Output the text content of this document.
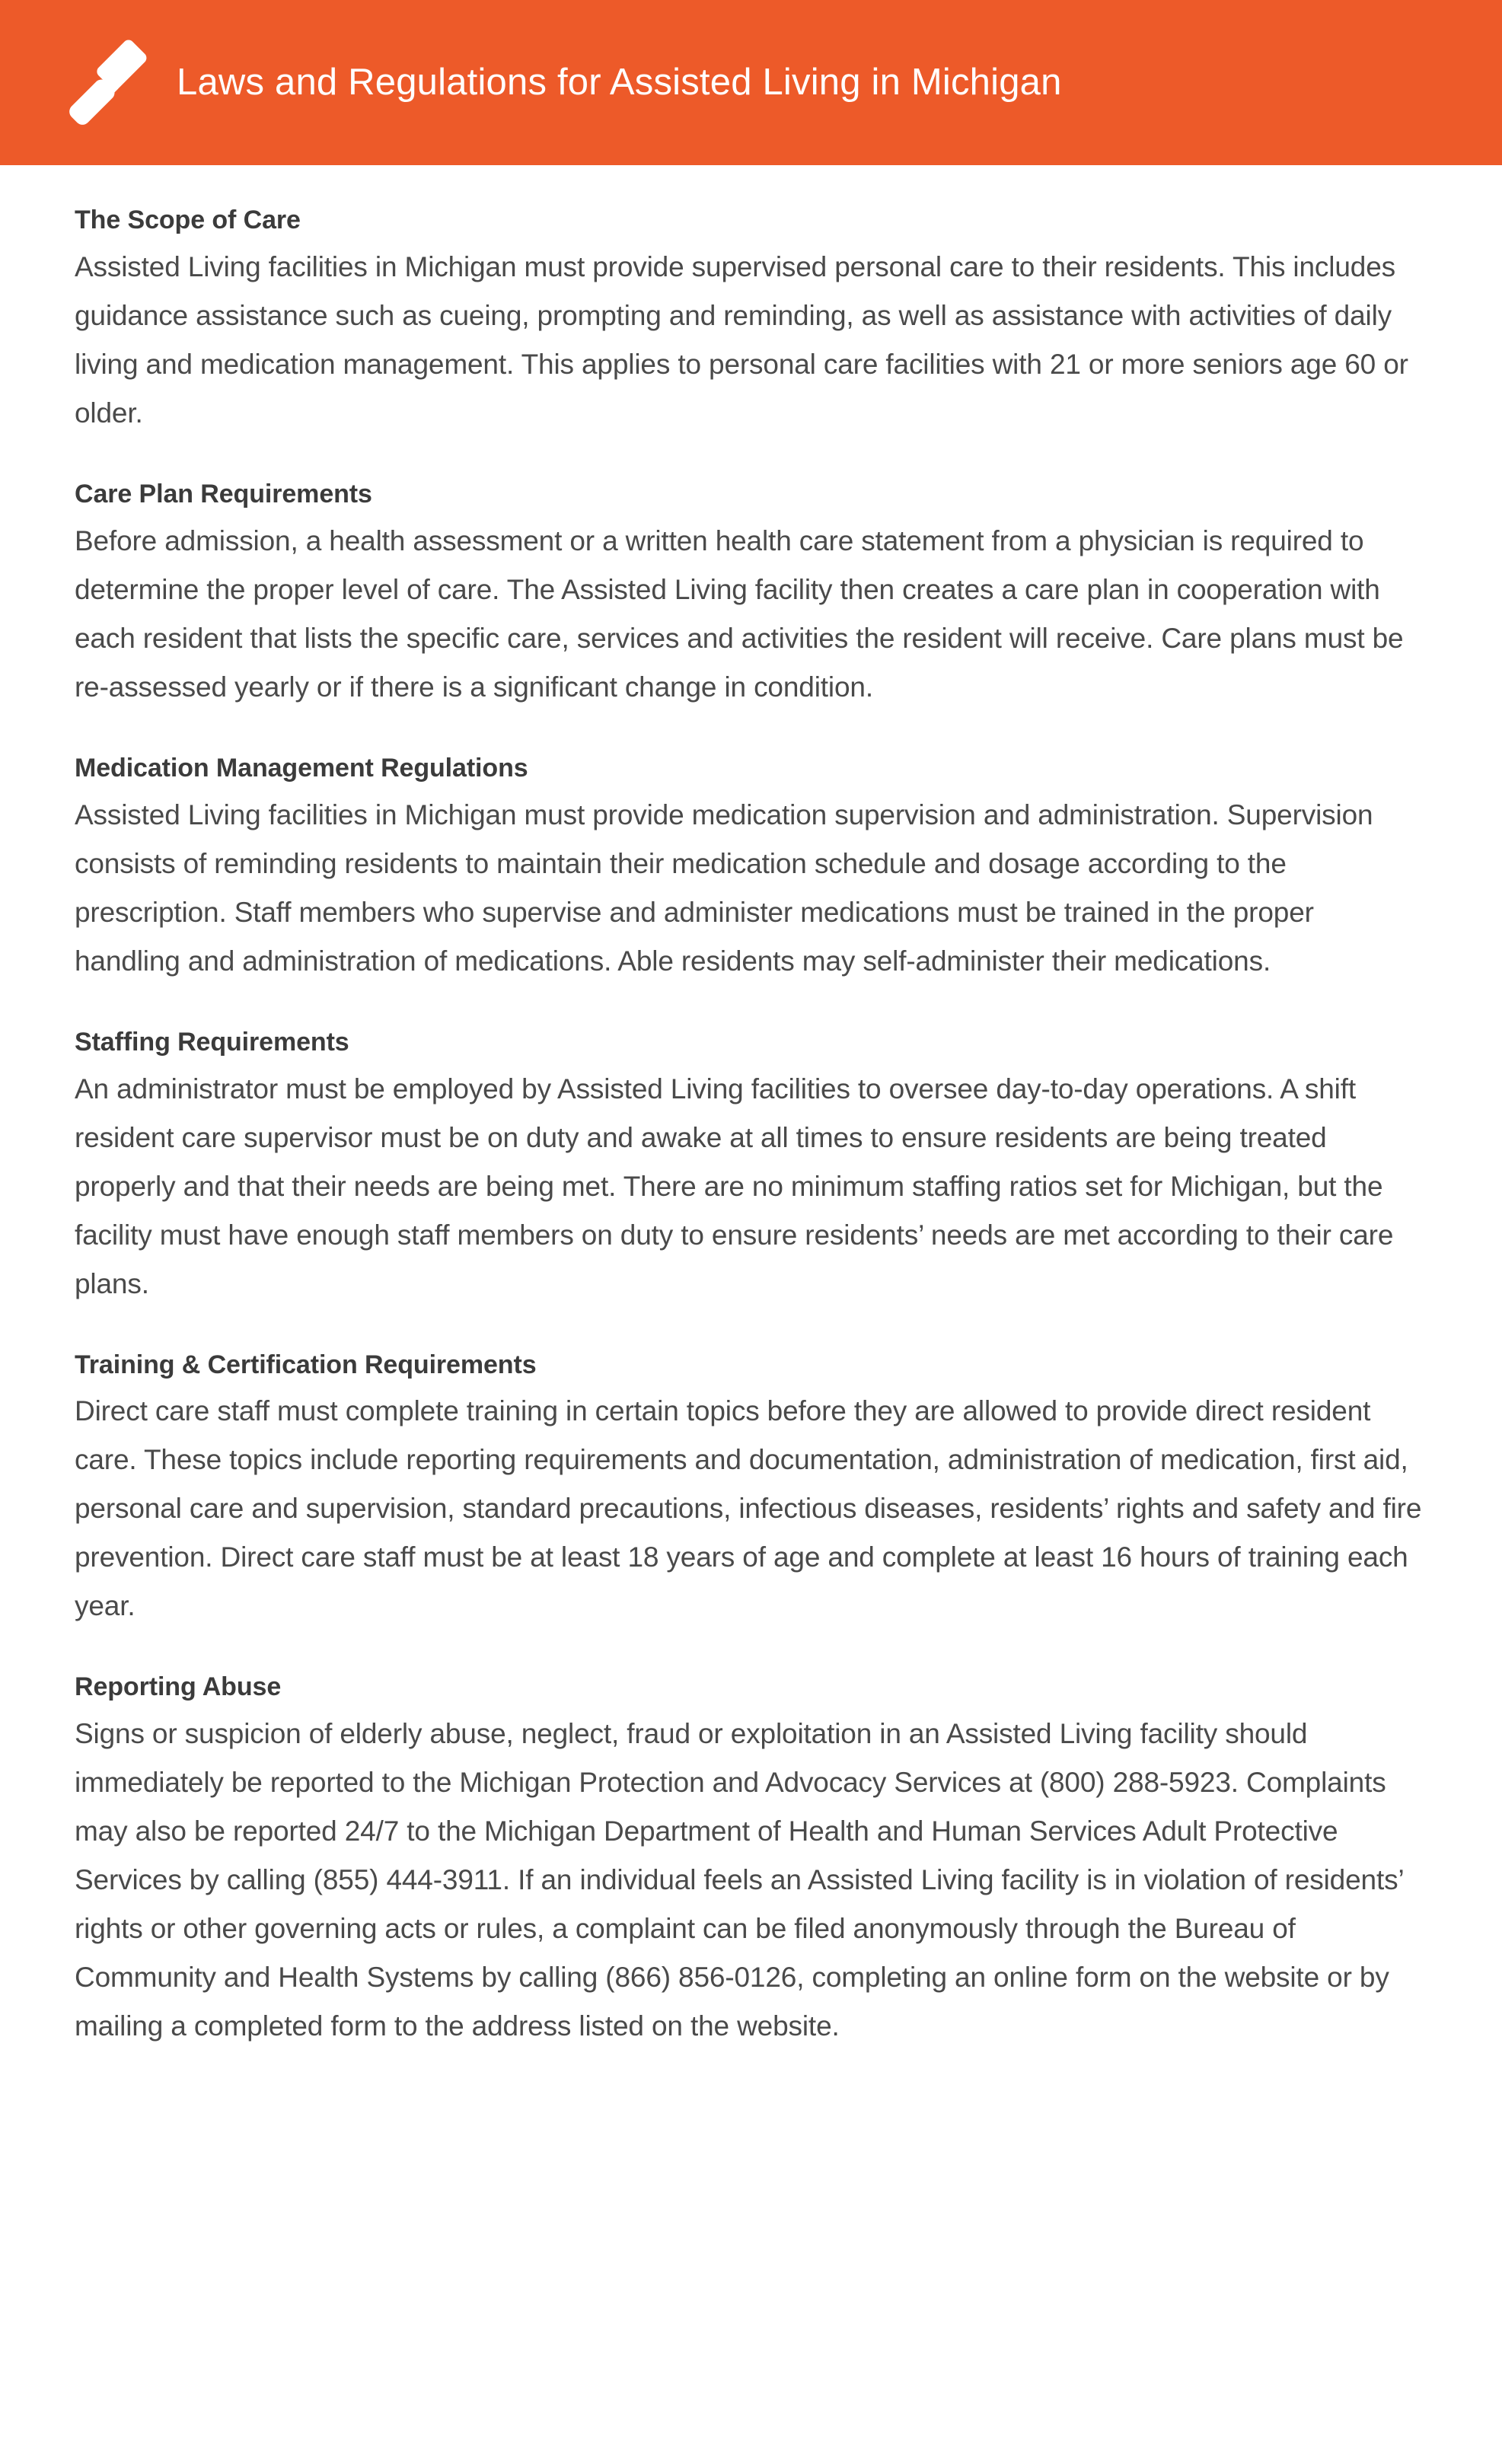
Laws and Regulations for Assisted Living in Michigan
The Scope of Care

Assisted Living facilities in Michigan must provide supervised personal care to their residents. This includes guidance assistance such as cueing, prompting and reminding, as well as assistance with activities of daily living and medication management. This applies to personal care facilities with 21 or more seniors age 60 or older.

Care Plan Requirements

Before admission, a health assessment or a written health care statement from a physician is required to determine the proper level of care. The Assisted Living facility then creates a care plan in cooperation with each resident that lists the specific care, services and activities the resident will receive. Care plans must be re-assessed yearly or if there is a significant change in condition.

Medication Management Regulations

Assisted Living facilities in Michigan must provide medication supervision and administration. Supervision consists of reminding residents to maintain their medication schedule and dosage according to the prescription. Staff members who supervise and administer medications must be trained in the proper handling and administration of medications. Able residents may self-administer their medications.

Staffing Requirements

An administrator must be employed by Assisted Living facilities to oversee day-to-day operations. A shift resident care supervisor must be on duty and awake at all times to ensure residents are being treated properly and that their needs are being met. There are no minimum staffing ratios set for Michigan, but the facility must have enough staff members on duty to ensure residents’ needs are met according to their care plans.

Training & Certification Requirements

Direct care staff must complete training in certain topics before they are allowed to provide direct resident care. These topics include reporting requirements and documentation, administration of medication, first aid, personal care and supervision, standard precautions, infectious diseases, residents’ rights and safety and fire prevention. Direct care staff must be at least 18 years of age and complete at least 16 hours of training each year.

Reporting Abuse

Signs or suspicion of elderly abuse, neglect, fraud or exploitation in an Assisted Living facility should immediately be reported to the Michigan Protection and Advocacy Services at (800) 288-5923. Complaints may also be reported 24/7 to the Michigan Department of Health and Human Services Adult Protective Services by calling (855) 444-3911. If an individual feels an Assisted Living facility is in violation of residents’ rights or other governing acts or rules, a complaint can be filed anonymously through the Bureau of Community and Health Systems by calling (866) 856-0126, completing an online form on the website or by mailing a completed form to the address listed on the website.
